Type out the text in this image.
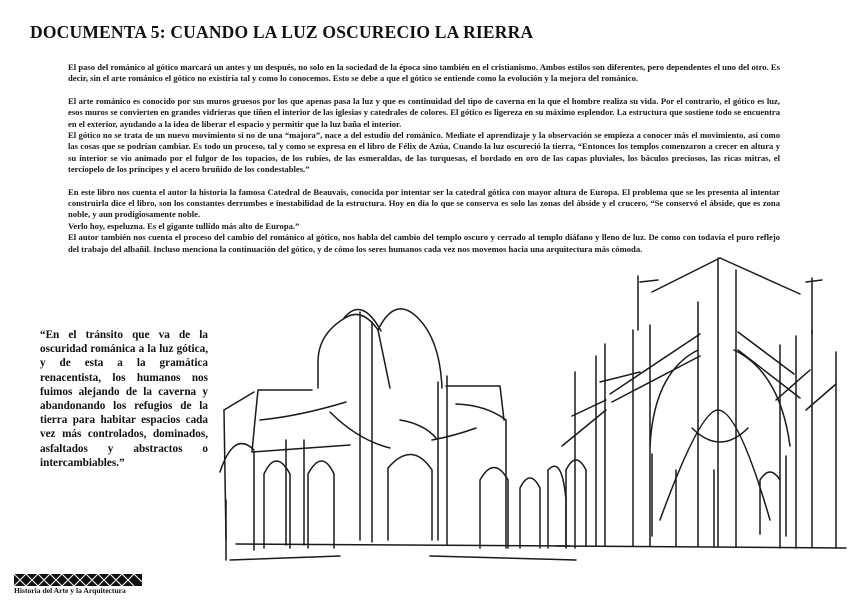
DOCUMENTA 5: CUANDO LA LUZ OSCURECIO LA RIERRA

El paso del románico al gótico marcará un antes y un después, no solo en la sociedad de la época sino también en el cristianismo. Ambos estilos son diferentes, pero dependentes el uno del otro. Es decir, sin el arte románico el gótico no existiría tal y como lo conocemos. Esto se debe a que el gótico se entiende como la evolución y la mejora del románico.

El arte románico es conocido por sus muros gruesos por los que apenas pasa la luz y que es continuidad del tipo de caverna en la que el hombre realiza su vida. Por el contrario, el gótico es luz, esos muros se convierten en grandes vidrieras que tiñen el interior de las iglesias y catedrales de colores. El gótico es ligereza en su máximo esplendor. La estructura que sostiene todo se encuentra en el exterior, ayudando a la idea de liberar el espacio y permitir que la luz baña el interior.

El gótico no se trata de un nuevo movimiento si no de una “majora”, nace a del estudio del románico. Mediate el aprendizaje y la observación se empieza a conocer más el movimiento, así como las cosas que se podrían cambiar. Es todo un proceso, tal y como se expresa en el libro de Félix de Azúa, Cuando la luz oscureció la tierra, “Entonces los templos comenzaron a crecer en altura y su interior se vio animado por el fulgor de los topacios, de los rubíes, de las esmeraldas, de las turquesas, el bordado en oro de las capas pluviales, los báculos preciosos, las ricas mitras, el terciopelo de los príncipes y el acero bruñido de los condestables.”

En este libro nos cuenta el autor la historia la famosa Catedral de Beauvais, conocida por intentar ser la catedral gótica con mayor altura de Europa. El problema que se les presenta al intentar construirla dice el libro, son los constantes derrumbes e inestabilidad de la estructura. Hoy en día lo que se conserva es solo las zonas del ábside y el crucero, “Se conservó el ábside, que es zona noble, y aun prodigiosamente noble.

Verlo hoy, espeluzna. Es el gigante tullido más alto de Europa.”

El autor también nos cuenta el proceso del cambio del románico al gótico, nos habla del cambio del templo oscuro y cerrado al templo diáfano y lleno de luz. De como con todavía el puro reflejo del trabajo del albañil. Incluso menciona la continuación del gótico, y de cómo los seres humanos cada vez nos movemos hacia una arquitectura más cómoda.

“En el tránsito que va de la oscuridad románica a la luz gótica, y de esta a la gramática renacentista, los humanos nos fuimos alejando de la caverna y abandonando los refugios de la tierra para habitar espacios cada vez más controlados, dominados, asfaltados y abstractos o intercambiables.”
Historia del Arte y la Arquitectura
